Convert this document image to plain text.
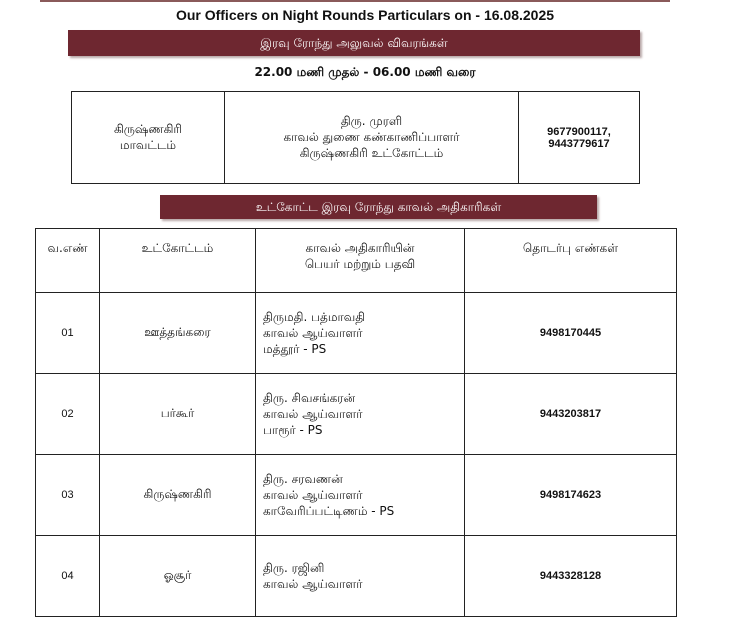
Our Officers on Night Rounds Particulars on - 16.08.2025
இரவு ரோந்து அலுவல் விவரங்கள்
22.00 மணி முதல் - 06.00 மணி வரை
கிருஷ்ணகிரி
மாவட்டம்

திரு. முரளி
காவல் துணை கண்காணிப்பாளர்
கிருஷ்ணகிரி உட்கோட்டம்

9677900117,
9443779617
உட்கோட்ட இரவு ரோந்து காவல் அதிகாரிகள்
வ.எண்	உட்கோட்டம்	காவல் அதிகாரியின்
பெயர் மற்றும் பதவி	தொடர்பு எண்கள்
01	ஊத்தங்கரை	திருமதி. பத்மாவதி
காவல் ஆய்வாளர்
மத்தூர் - PS	9498170445
02	பர்கூர்	திரு. சிவசங்கரன்
காவல் ஆய்வாளர்
பாரூர் - PS	9443203817
03	கிருஷ்ணகிரி	திரு. சரவணன்
காவல் ஆய்வாளர்
காவேரிப்பட்டிணம் - PS	9498174623
04	ஓசூர்	திரு. ரஜினி
காவல் ஆய்வாளர்	9443328128
